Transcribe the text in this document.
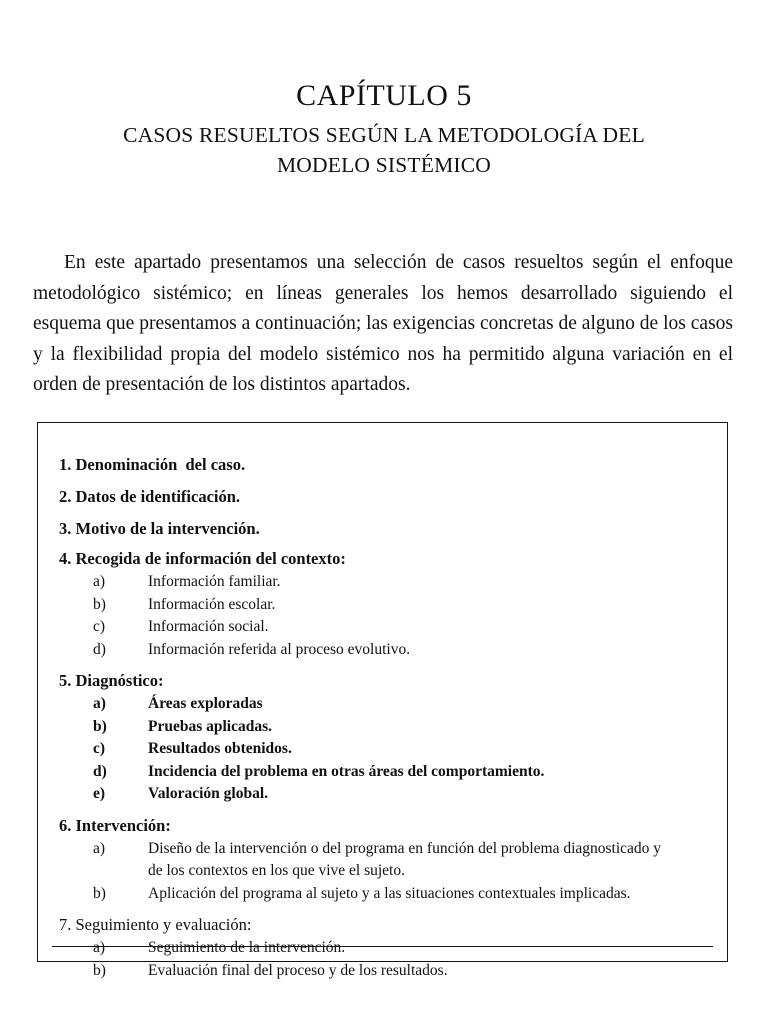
CAPÍTULO 5
CASOS RESUELTOS SEGÚN LA METODOLOGÍA DEL
MODELO SISTÉMICO

En este apartado presentamos una selección de casos resueltos según el enfoque metodológico sistémico; en líneas generales los hemos desarrollado siguiendo el esquema que presentamos a continuación; las exigencias concretas de alguno de los casos y la flexibilidad propia del modelo sistémico nos ha permitido alguna variación en el orden de presentación de los distintos apartados.

1. Denominación  del caso.
2. Datos de identificación.
3. Motivo de la intervención.
4. Recogida de información del contexto:
a)	Información familiar.
b)	Información escolar.
c)	Información social.
d)	Información referida al proceso evolutivo.
5. Diagnóstico:
a)	Áreas exploradas
b)	Pruebas aplicadas.
c)	Resultados obtenidos.
d)	Incidencia del problema en otras áreas del comportamiento.
e)	Valoración global.
6. Intervención:
a)	Diseño de la intervención o del programa en función del problema diagnosticado y
de los contextos en los que vive el sujeto.
b)	Aplicación del programa al sujeto y a las situaciones contextuales implicadas.
7. Seguimiento y evaluación:
a)	Seguimiento de la intervención.
b)	Evaluación final del proceso y de los resultados.
